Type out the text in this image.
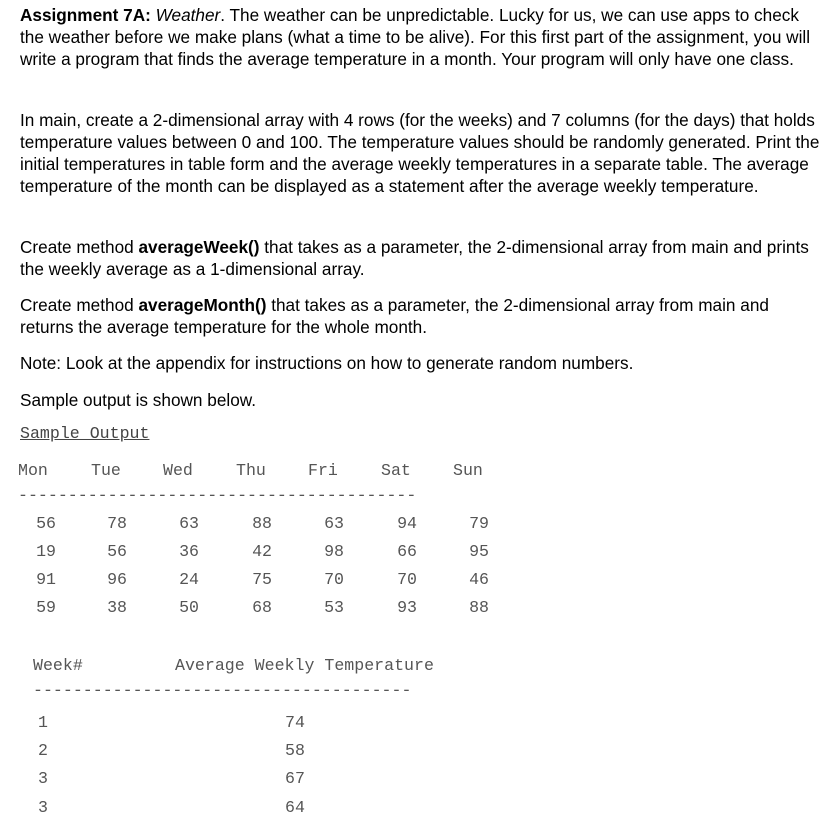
Assignment 7A: Weather. The weather can be unpredictable. Lucky for us, we can use apps to check the weather before we make plans (what a time to be alive). For this first part of the assignment, you will write a program that finds the average temperature in a month. Your program will only have one class.

In main, create a 2-dimensional array with 4 rows (for the weeks) and 7 columns (for the days) that holds temperature values between 0 and 100. The temperature values should be randomly generated. Print the initial temperatures in table form and the average weekly temperatures in a separate table. The average temperature of the month can be displayed as a statement after the average weekly temperature.

Create method averageWeek() that takes as a parameter, the 2-dimensional array from main and prints the weekly average as a 1-dimensional array.

Create method averageMonth() that takes as a parameter, the 2-dimensional array from main and returns the average temperature for the whole month.

Note: Look at the appendix for instructions on how to generate random numbers.

Sample output is shown below.

Sample Output
Mon	Tue	Wed	Thu	Fri	Sat	Sun
----------------------------------------
56	78	63	88	63	94	79
19	56	36	42	98	66	95
91	96	24	75	70	70	46
59	38	50	68	53	93	88
Week#	Average Weekly Temperature
--------------------------------------
1	74
2	58
3	67
3	64
